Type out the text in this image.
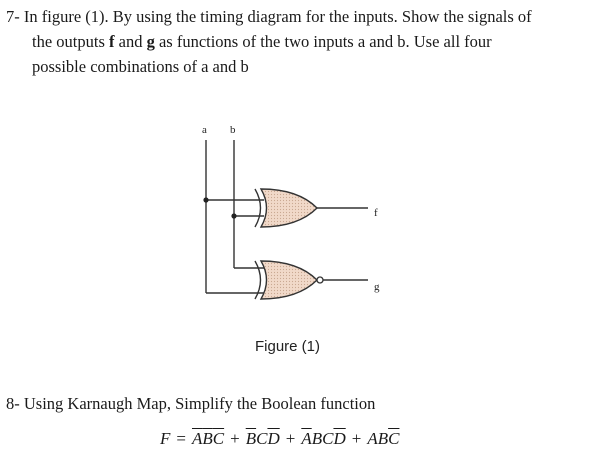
7- In figure (1). By using the timing diagram for the inputs. Show the signals of
the outputs f and g as functions of the two inputs a and b. Use all four
possible combinations of a and b
a b
f
g
Figure (1)
8- Using Karnaugh Map, Simplify the Boolean function
$F = \overline{A}\overline{B}\overline{C} + \overline{B}C\overline{D} + \overline{A}BC\overline{D} + AB\overline{C}$
